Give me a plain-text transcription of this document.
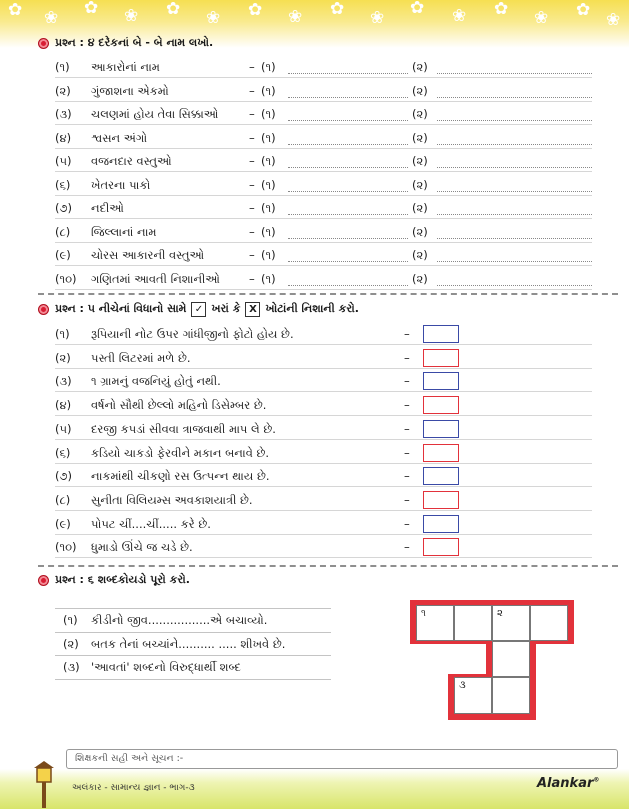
✿ ❀ ✿ ❀ ✿ ❀ ✿ ❀ ✿ ❀ ✿ ❀ ✿ ❀ ✿ ❀
પ્રશ્ન : ૪ દરેકનાં બે - બે નામ લખો.
(૧) આકારોનાં નામ	– (૧)	(૨)
(૨) ગુંજાશના એકમો	– (૧)	(૨)
(૩) ચલણમાં હોય તેવા સિક્કાઓ	– (૧)	(૨)
(૪) શ્વસન અંગો	– (૧)	(૨)
(૫) વજનદાર વસ્તુઓ	– (૧)	(૨)
(૬) ખેતરના પાકો	– (૧)	(૨)
(૭) નદીઓ	– (૧)	(૨)
(૮) જિલ્લાનાં નામ	– (૧)	(૨)
(૯) ચોરસ આકારની વસ્તુઓ	– (૧)	(૨)
(૧૦) ગણિતમાં આવતી નિશાનીઓ	– (૧)	(૨)
પ્રશ્ન : ૫ નીચેનાં વિધાનો સામે ✓ ખરાં કે X ખોટાંની નિશાની કરો.
(૧) રૂપિયાની નોટ ઉપર ગાંધીજીનો ફોટો હોય છે.	–
(૨) પસ્તી લિટરમાં મળે છે.	–
(૩) ૧ ગ્રામનું વજનિયું હોતું નથી.	–
(૪) વર્ષનો સૌથી છેલ્લો મહિનો ડિસેમ્બર છે.	–
(૫) દરજી કપડાં સીવવા ત્રાજવાથી માપ લે છે.	–
(૬) કડિયો ચાકડો ફેરવીને મકાન બનાવે છે.	–
(૭) નાકમાંથી ચીકણો રસ ઉત્પન્ન થાય છે.	–
(૮) સુનીતા વિલિયમ્સ અવકાશયાત્રી છે.	–
(૯) પોપટ ચીં....ચીં..... કરે છે.	–
(૧૦) ધુમાડો ઊંચે જ ચડે છે.	–
પ્રશ્ન : ૬ શબ્દકોયડો પૂરો કરો.
(૧) કીડીનો જીવ.................એ બચાવ્યો.
(૨) બતક તેનાં બચ્ચાંને.......... ..... શીખવે છે.
(૩) 'આવતાં' શબ્દનો વિરુદ્ધાર્થી શબ્દ
૧	૨
૩
શિક્ષકની સહી અને સૂચન :-
અલંકાર - સામાન્ય જ્ઞાન - ભાગ-૩	Alankar®
